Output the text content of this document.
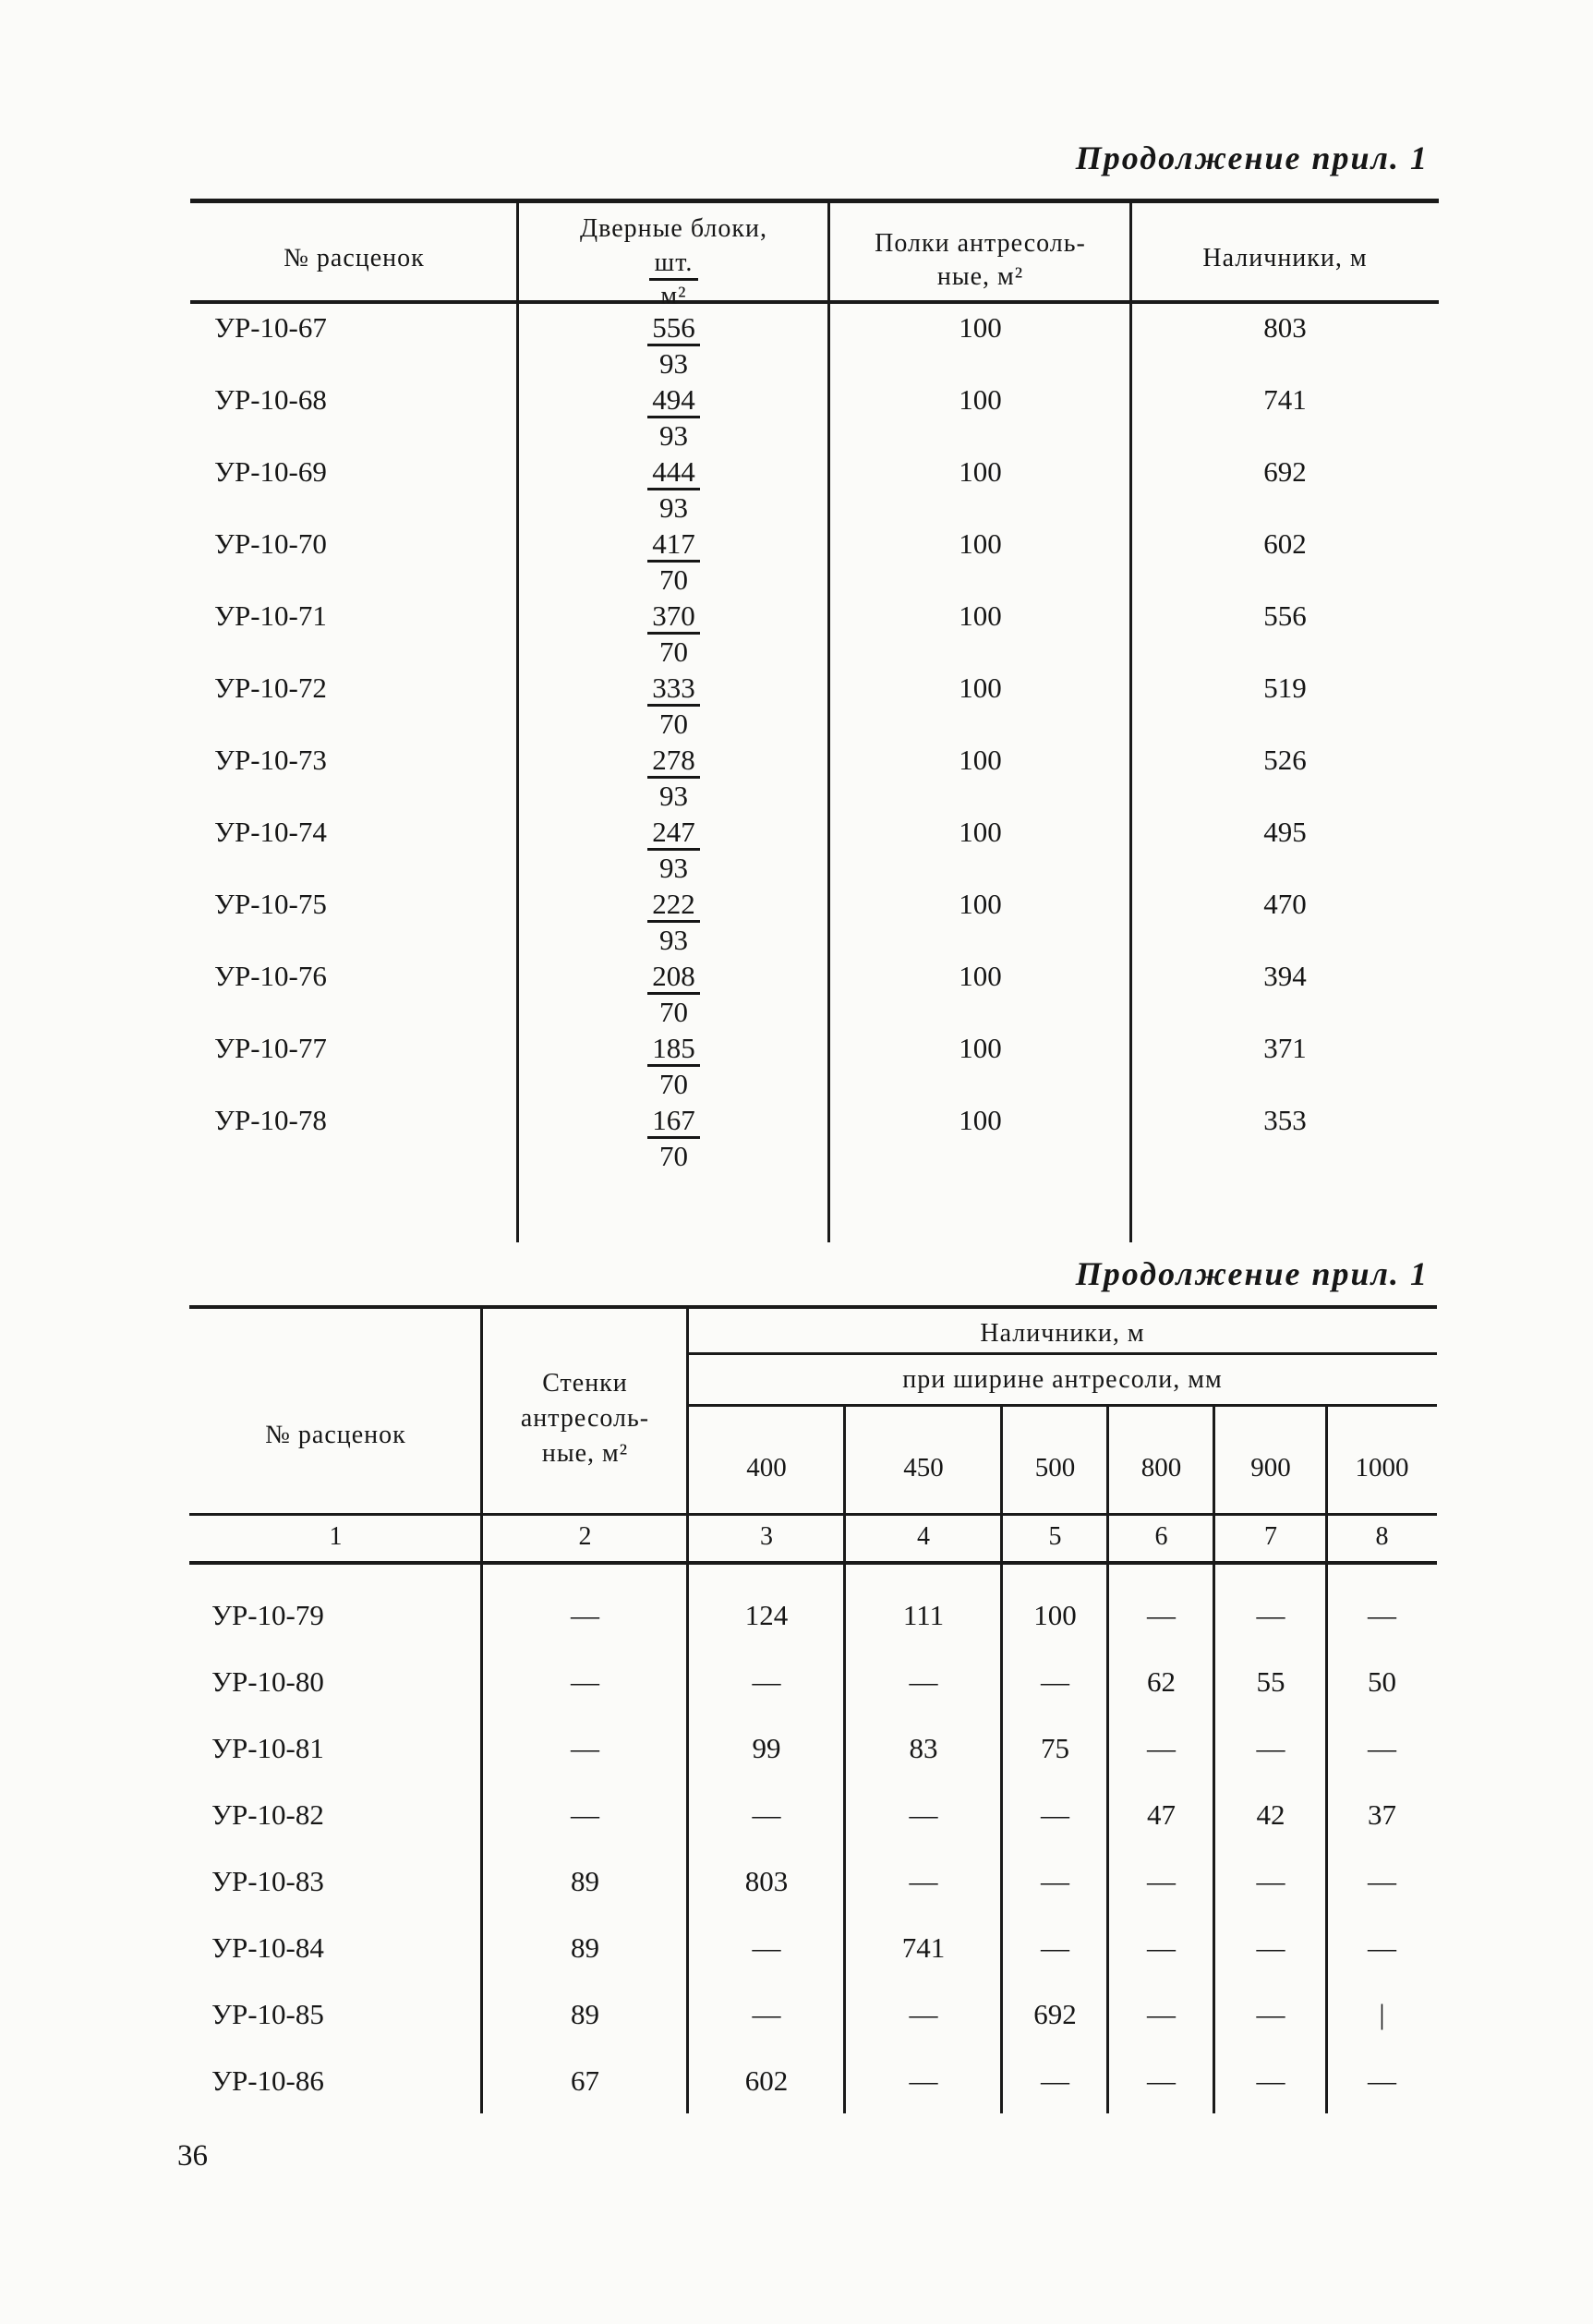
Продолжение прил. 1
№ расценок
Дверные блоки,

шт.
м²
Полки антресоль-
ные, м²
Наличники, м
УР-10-67	$\frac{556}{93}$	100	803
УР-10-68	$\frac{494}{93}$	100	741
УР-10-69	$\frac{444}{93}$	100	692
УР-10-70	$\frac{417}{70}$	100	602
УР-10-71	$\frac{370}{70}$	100	556
УР-10-72	$\frac{333}{70}$	100	519
УР-10-73	$\frac{278}{93}$	100	526
УР-10-74	$\frac{247}{93}$	100	495
УР-10-75	$\frac{222}{93}$	100	470
УР-10-76	$\frac{208}{70}$	100	394
УР-10-77	$\frac{185}{70}$	100	371
УР-10-78	$\frac{167}{70}$	100	353
Продолжение прил. 1
№ расценок
Стенки
антресоль-
ные, м²
Наличники, м
при ширине антресоли, мм
400	450	500	800	900	1000
1	2	3	4	5	6	7	8
УР-10-79	—	124	111	100	—	—	—
УР-10-80	—	—	—	—	62	55	50
УР-10-81	—	99	83	75	—	—	—
УР-10-82	—	—	—	—	47	42	37
УР-10-83	89	803	—	—	—	—	—
УР-10-84	89	—	741	—	—	—	—
УР-10-85	89	—	—	692	—	—	|
УР-10-86	67	602	—	—	—	—	—
36
